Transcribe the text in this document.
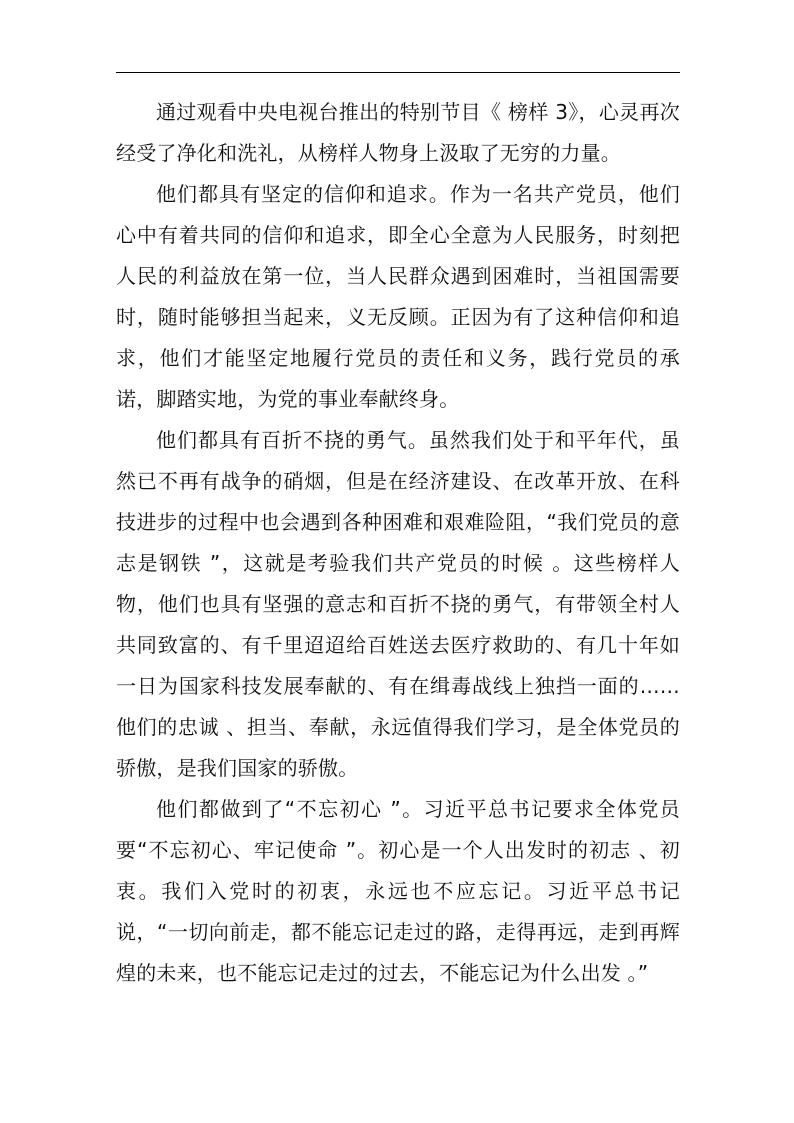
通过观看中央电视台推出的特别节目《 榜样 3》，心灵再次经受了净化和洗礼，从榜样人物身上汲取了无穷的力量。

他们都具有坚定的信仰和追求。作为一名共产党员，他们心中有着共同的信仰和追求，即全心全意为人民服务，时刻把人民的利益放在第一位，当人民群众遇到困难时，当祖国需要时，随时能够担当起来，义无反顾。正因为有了这种信仰和追求，他们才能坚定地履行党员的责任和义务，践行党员的承诺，脚踏实地，为党的事业奉献终身。

他们都具有百折不挠的勇气。虽然我们处于和平年代，虽然已不再有战争的硝烟，但是在经济建设、在改革开放、在科技进步的过程中也会遇到各种困难和艰难险阻，“我们党员的意志是钢铁 ”，这就是考验我们共产党员的时候 。这些榜样人物，他们也具有坚强的意志和百折不挠的勇气，有带领全村人共同致富的、有千里迢迢给百姓送去医疗救助的、有几十年如一日为国家科技发展奉献的、有在缉毒战线上独挡一面的……他们的忠诚 、担当、奉献，永远值得我们学习，是全体党员的骄傲，是我们国家的骄傲。

他们都做到了“不忘初心 ”。习近平总书记要求全体党员要“不忘初心、牢记使命 ”。初心是一个人出发时的初志 、初衷。我们入党时的初衷，永远也不应忘记。习近平总书记说，“一切向前走，都不能忘记走过的路，走得再远，走到再辉煌的未来，也不能忘记走过的过去，不能忘记为什么出发 。”
